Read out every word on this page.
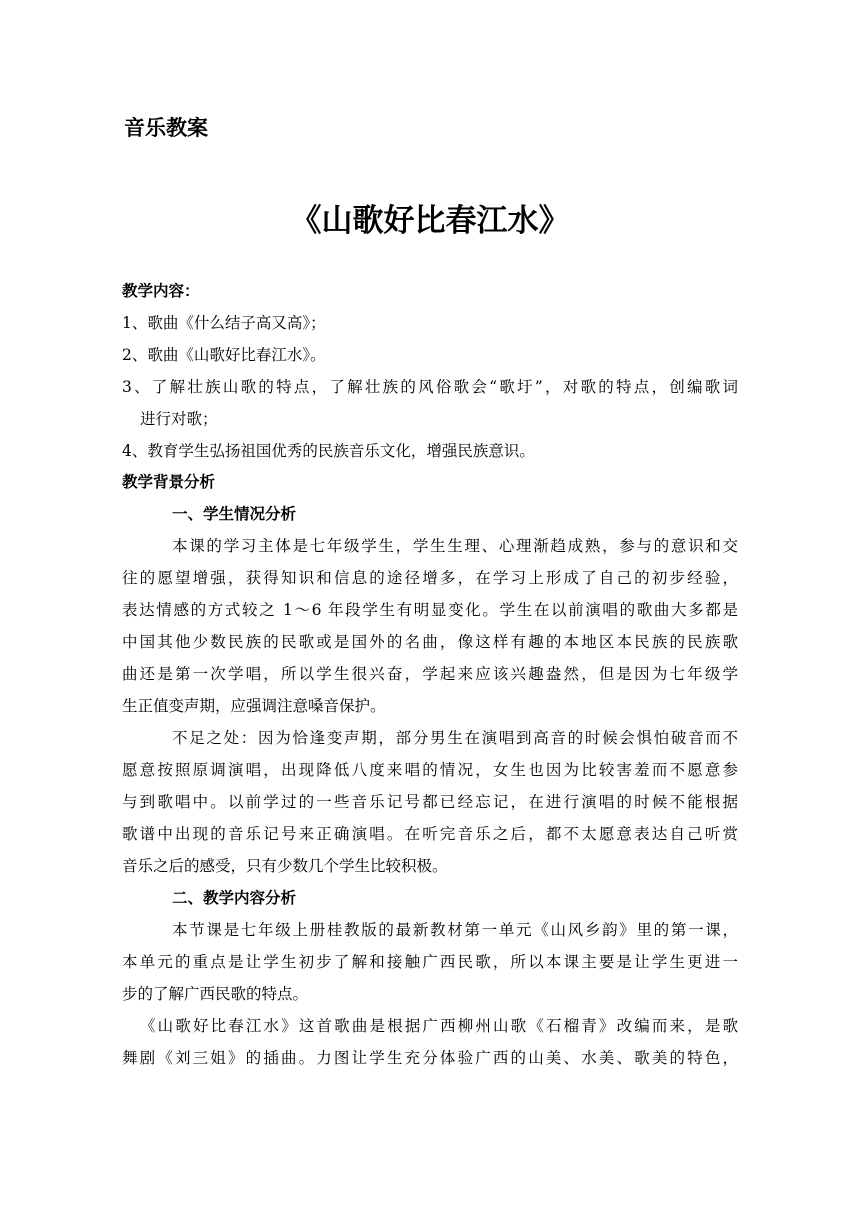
音乐教案
《山歌好比春江水》
教学内容：
1、歌曲《什么结子高又高》；
2、歌曲《山歌好比春江水》。
3、了解壮族山歌的特点，了解壮族的风俗歌会“歌圩”，对歌的特点，创编歌词
进行对歌；
4、教育学生弘扬祖国优秀的民族音乐文化，增强民族意识。
教学背景分析
一、学生情况分析
本课的学习主体是七年级学生，学生生理、心理渐趋成熟，参与的意识和交
往的愿望增强，获得知识和信息的途径增多，在学习上形成了自己的初步经验，
表达情感的方式较之 1～6 年段学生有明显变化。学生在以前演唱的歌曲大多都是
中国其他少数民族的民歌或是国外的名曲，像这样有趣的本地区本民族的民族歌
曲还是第一次学唱，所以学生很兴奋，学起来应该兴趣盎然，但是因为七年级学
生正值变声期，应强调注意嗓音保护。
不足之处：因为恰逢变声期，部分男生在演唱到高音的时候会惧怕破音而不
愿意按照原调演唱，出现降低八度来唱的情况，女生也因为比较害羞而不愿意参
与到歌唱中。以前学过的一些音乐记号都已经忘记，在进行演唱的时候不能根据
歌谱中出现的音乐记号来正确演唱。在听完音乐之后，都不太愿意表达自己听赏
音乐之后的感受，只有少数几个学生比较积极。
二、教学内容分析
本节课是七年级上册桂教版的最新教材第一单元《山风乡韵》里的第一课，
本单元的重点是让学生初步了解和接触广西民歌，所以本课主要是让学生更进一
步的了解广西民歌的特点。
《山歌好比春江水》这首歌曲是根据广西柳州山歌《石榴青》改编而来，是歌
舞剧《刘三姐》的插曲。力图让学生充分体验广西的山美、水美、歌美的特色，
